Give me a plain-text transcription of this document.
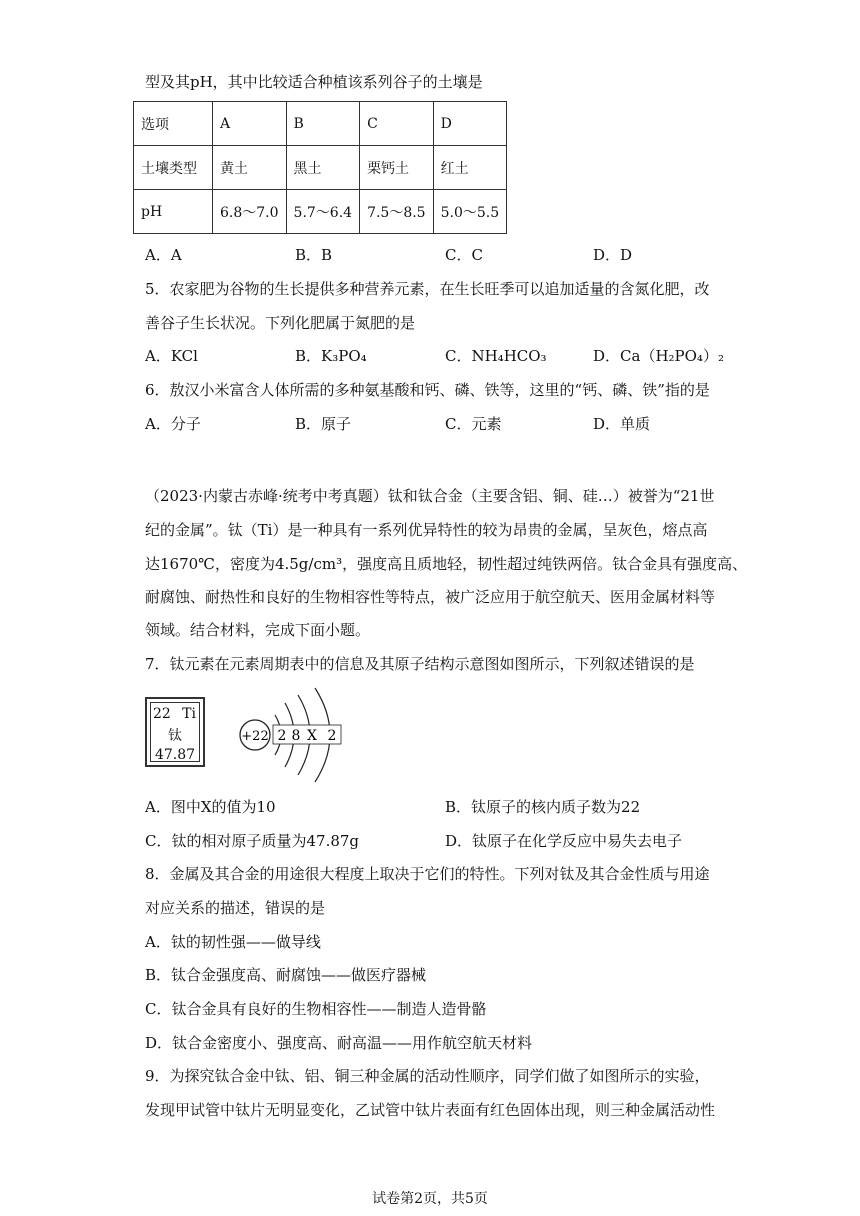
型及其pH，其中比较适合种植该系列谷子的土壤是
选项	A	B	C	D
土壤类型	黄土	黑土	栗钙土	红土
pH	6.8～7.0	5.7～6.4	7.5～8.5	5.0～5.5
A．A	B．B	C．C	D．D
5．农家肥为谷物的生长提供多种营养元素，在生长旺季可以追加适量的含氮化肥，改
善谷子生长状况。下列化肥属于氮肥的是
A．KCl	B．K₃PO₄	C．NH₄HCO₃	D．Ca（H₂PO₄）₂
6．敖汉小米富含人体所需的多种氨基酸和钙、磷、铁等，这里的“钙、磷、铁”指的是
A．分子	B．原子	C．元素	D．单质
（2023·内蒙古赤峰·统考中考真题）钛和钛合金（主要含铝、铜、硅…）被誉为“21世
纪的金属”。钛（Ti）是一种具有一系列优异特性的较为昂贵的金属，呈灰色，熔点高
达1670℃，密度为4.5g/cm³，强度高且质地轻，韧性超过纯铁两倍。钛合金具有强度高、
耐腐蚀、耐热性和良好的生物相容性等特点，被广泛应用于航空航天、医用金属材料等
领域。结合材料，完成下面小题。
7．钛元素在元素周期表中的信息及其原子结构示意图如图所示，下列叙述错误的是
22 Ti
钛
47.87
+22 2 8 X 2
A．图中X的值为10	B．钛原子的核内质子数为22
C．钛的相对原子质量为47.87g	D．钛原子在化学反应中易失去电子
8．金属及其合金的用途很大程度上取决于它们的特性。下列对钛及其合金性质与用途
对应关系的描述，错误的是
A．钛的韧性强——做导线
B．钛合金强度高、耐腐蚀——做医疗器械
C．钛合金具有良好的生物相容性——制造人造骨骼
D．钛合金密度小、强度高、耐高温——用作航空航天材料
9．为探究钛合金中钛、铝、铜三种金属的活动性顺序，同学们做了如图所示的实验，
发现甲试管中钛片无明显变化，乙试管中钛片表面有红色固体出现，则三种金属活动性
试卷第2页，共5页
